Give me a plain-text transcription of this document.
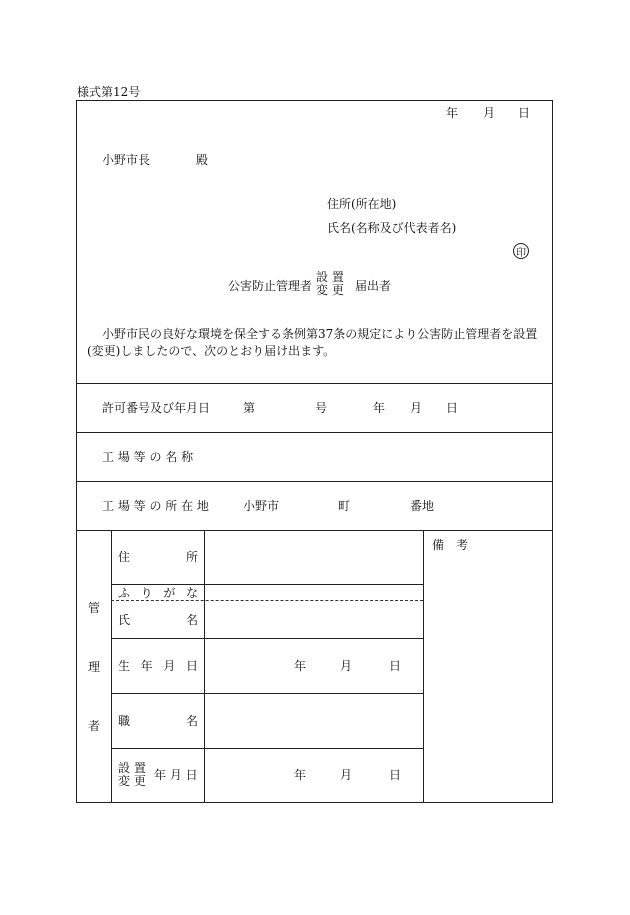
様式第12号
年 月 日
小野市長	殿
住所(所在地)
氏名(名称及び代表者名)
印
公害防止管理者
設 置
変 更 届出者
小野市民の良好な環境を保全する条例第37条の規定により公害防止管理者を設置
(変更)しましたので、次のとおり届け出ます。
許可番号及び年月日	第	号	年 月 日
工 場 等 の 名 称
工 場 等 の 所 在 地	小野市	町	番地
管
理
者
住	所
ふ り が な
氏	名
生 年 月 日	年	月	日
職	名
設 置
変 更 年 月 日	年	月	日
備　考
